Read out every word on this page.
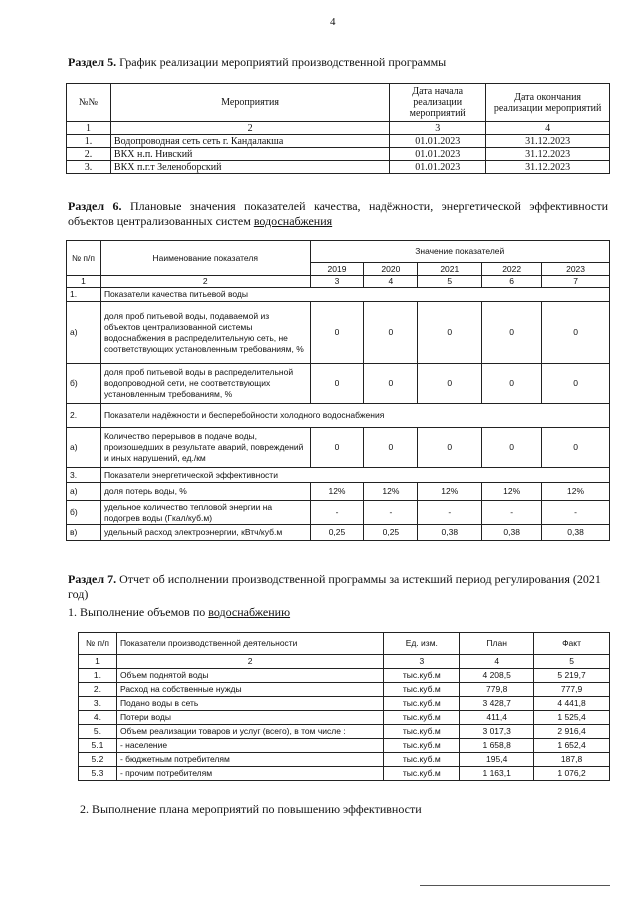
4
Раздел 5. График реализации мероприятий производственной программы
№№	Мероприятия	Дата начала реализации мероприятий	Дата окончания реализации мероприятий
1	2	3	4
1.	Водопроводная сеть сеть г. Кандалакша	01.01.2023	31.12.2023
2.	ВКХ н.п. Нивский	01.01.2023	31.12.2023
3.	ВКХ п.г.т Зеленоборский	01.01.2023	31.12.2023
Раздел 6. Плановые значения показателей качества, надёжности, энергетической эффективности объектов централизованных систем водоснабжения
№ п/п	Наименование показателя	Значение показателей				
		2019	2020	2021	2022	2023
1	2	3	4	5	6	7
1.	Показатели качества питьевой воды					
а)	доля проб питьевой воды, подаваемой из объектов централизованной системы водоснабжения в распределительную сеть, не соответствующих установленным требованиям, %	0	0	0	0	0
б)	доля проб питьевой воды в распределительной водопроводной сети, не соответствующих установленным требованиям, %	0	0	0	0	0
2.	Показатели надёжности и бесперебойности холодного водоснабжения					
а)	Количество перерывов в подаче воды, произошедших в результате аварий, повреждений и иных нарушений, ед./км	0	0	0	0	0
3.	Показатели энергетической эффективности					
а)	доля потерь воды, %	12%	12%	12%	12%	12%
б)	удельное количество тепловой энергии на подогрев воды (Гкал/куб.м)	-	-	-	-	-
в)	удельный расход электроэнергии, кВтч/куб.м	0,25	0,25	0,38	0,38	0,38
Раздел 7. Отчет об исполнении производственной программы за истекший период регулирования (2021 год)
1. Выполнение объемов по водоснабжению
№ п/п	Показатели производственной деятельности	Ед. изм.	План	Факт
1	2	3	4	5
1.	Объем поднятой воды	тыс.куб.м	4 208,5	5 219,7
2.	Расход на собственные нужды	тыс.куб.м	779,8	777,9
3.	Подано воды в сеть	тыс.куб.м	3 428,7	4 441,8
4.	Потери воды	тыс.куб.м	411,4	1 525,4
5.	Объем реализации товаров и услуг (всего), в том числе :	тыс.куб.м	3 017,3	2 916,4
5.1	- население	тыс.куб.м	1 658,8	1 652,4
5.2	- бюджетным потребителям	тыс.куб.м	195,4	187,8
5.3	- прочим потребителям	тыс.куб.м	1 163,1	1 076,2
2. Выполнение плана мероприятий по повышению эффективности
